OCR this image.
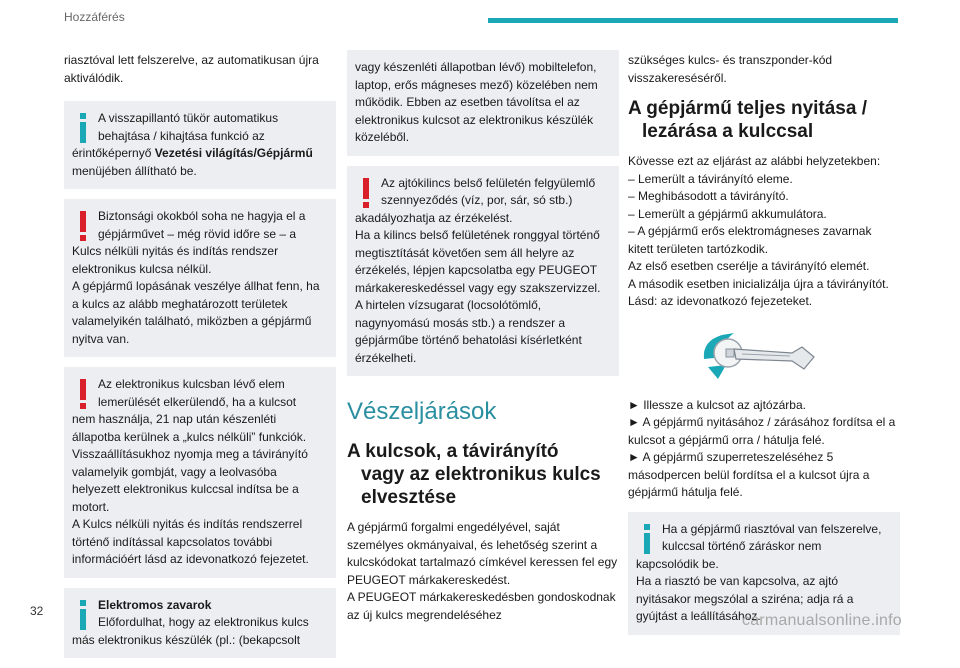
Hozzáférés

riasztóval lett felszerelve, az automatikusan újra aktiválódik.

A visszapillantó tükör automatikus
behajtása / kihajtása funkció az
érintőképernyő Vezetési világítás/Gépjármű menüjében állítható be.
Biztonsági okokból soha ne hagyja el a
gépjárművet – még rövid időre se – a
Kulcs nélküli nyitás és indítás rendszer elektronikus kulcsa nélkül.
A gépjármű lopásának veszélye állhat fenn, ha a kulcs az alább meghatározott területek valamelyikén található, miközben a gépjármű nyitva van.
Az elektronikus kulcsban lévő elem
lemerülését elkerülendő, ha a kulcsot
nem használja, 21 nap után készenléti állapotba kerülnek a „kulcs nélküli” funkciók. Visszaállításukhoz nyomja meg a távirányító valamelyik gombját, vagy a leolvasóba helyezett elektronikus kulccsal indítsa be a motort.
A Kulcs nélküli nyitás és indítás rendszerrel történő indítással kapcsolatos további információért lásd az idevonatkozó fejezetet.
Elektromos zavarok
Előfordulhat, hogy az elektronikus kulcs
más elektronikus készülék (pl.: (bekapcsolt
vagy készenléti állapotban lévő) mobiltelefon, laptop, erős mágneses mező) közelében nem működik. Ebben az esetben távolítsa el az elektronikus kulcsot az elektronikus készülék közeléből.
Az ajtókilincs belső felületén felgyülemlő
szennyeződés (víz, por, sár, só stb.)
akadályozhatja az érzékelést.
Ha a kilincs belső felületének ronggyal történő megtisztítását követően sem áll helyre az érzékelés, lépjen kapcsolatba egy PEUGEOT márkakereskedéssel vagy egy szakszervizzel.
A hirtelen vízsugarat (locsolótömlő, nagynyomású mosás stb.) a rendszer a gépjárműbe történő behatolási kísérletként érzékelheti.
Vészeljárások
A kulcsok, a távirányító
vagy az elektronikus kulcs elvesztése

A gépjármű forgalmi engedélyével, saját személyes okmányaival, és lehetőség szerint a kulcskódokat tartalmazó címkével keressen fel egy PEUGEOT márkakereskedést.

A PEUGEOT márkakereskedésben gondoskodnak az új kulcs megrendeléséhez

szükséges kulcs- és transzponder-kód visszakereséséről.

A gépjármű teljes nyitása /
lezárása a kulccsal

Kövesse ezt az eljárást az alábbi helyzetekben:

– Lemerült a távirányító eleme.

– Meghibásodott a távirányító.

– Lemerült a gépjármű akkumulátora.

– A gépjármű erős elektromágneses zavarnak kitett területen tartózkodik.

Az első esetben cserélje a távirányító elemét.

A második esetben inicializálja újra a távirányítót. Lásd: az idevonatkozó fejezeteket.

► Illessze a kulcsot az ajtózárba.

► A gépjármű nyitásához / zárásához fordítsa el a kulcsot a gépjármű orra / hátulja felé.

► A gépjármű szuperreteszeléséhez 5 másodpercen belül fordítsa el a kulcsot újra a gépjármű hátulja felé.

Ha a gépjármű riasztóval van felszerelve,
kulccsal történő záráskor nem
kapcsolódik be.
Ha a riasztó be van kapcsolva, az ajtó nyitásakor megszólal a sziréna; adja rá a gyújtást a leállításához.
32
carmanualsonline.info
